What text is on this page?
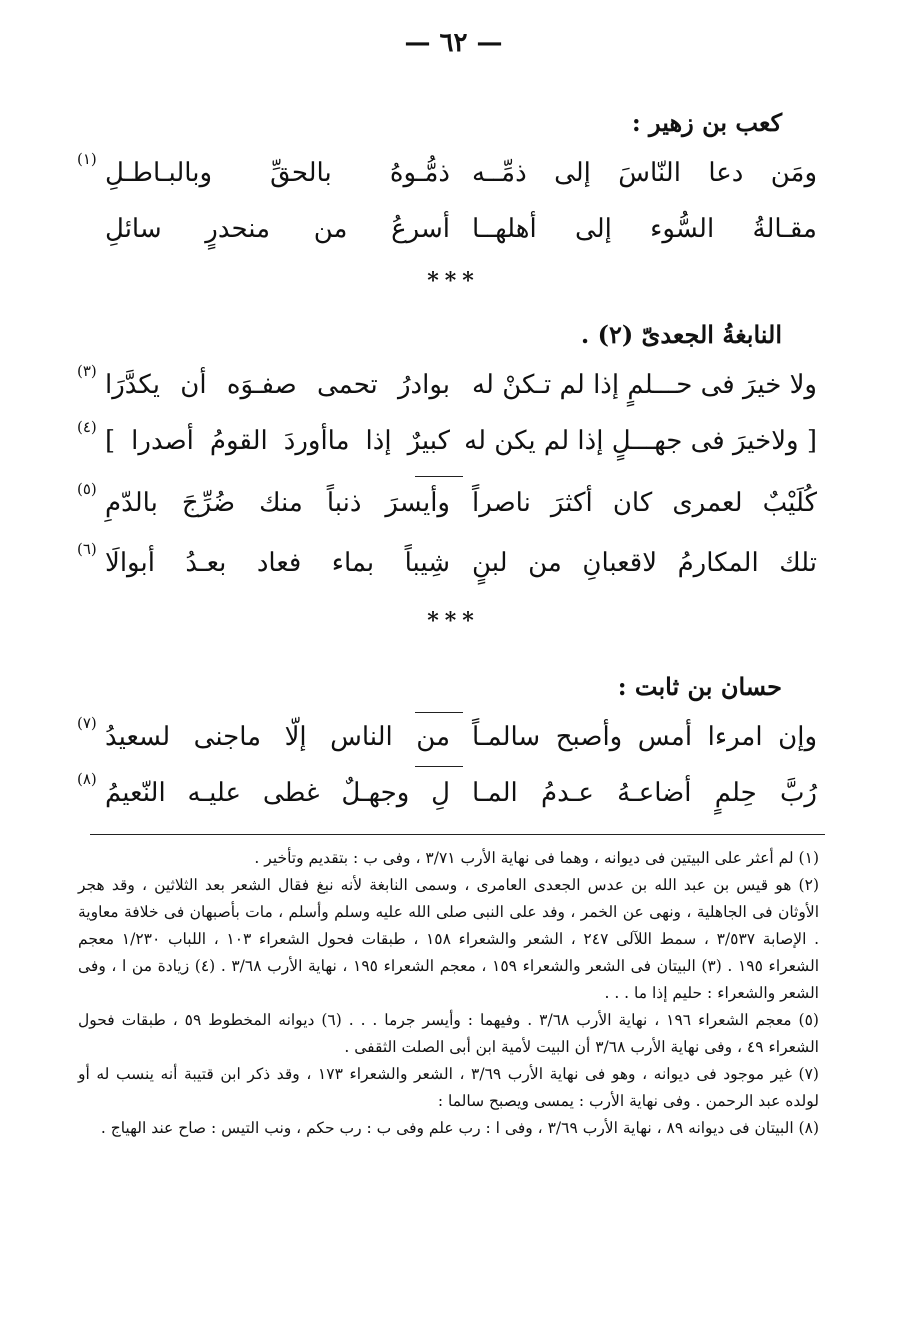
— ٦٢ —
كعب بن زهير :
ومَن دعا النّاسَ إلى ذمِّــه
ذمُّـوهُ بالحقِّ وبالبـاطـلِ
(١)
مقـالةُ السُّوء إلى أهلهــا
أسرعُ من منحدرٍ سائلِ
***
النابغةُ الجعدىّ (٢) .
ولا خيرَ فى حـــلمٍ إذا لم تـكنْ له
بوادرُ تحمى صفـوَه أن يكدَّرَا
(٣)
[ ولاخيرَ فى جهـــلٍ إذا لم يكن له
كبيرٌ إذا ماأوردَ القومُ أصدرا ]
(٤)
كُلَيْبٌ لعمرى كان أكثرَ ناصراً
وأيسرَ ذنباً منك ضُرِّجَ بالدّمِ
(٥)
تلك المكارمُ لاقعبانِ من لبنٍ
شِيباً بماء فعاد بعـدُ أبوالَا
(٦)
***
حسان بن ثابت :
وإن امرءا أمس وأصبح سالمـاً
من الناس إلّا ماجنى لسعيدُ
(٧)
رُبَّ حِلمٍ أضاعـهُ عـدمُ المـا
لِ وجهـلٌ غطى عليـه النّعيمُ
(٨)

(١) لم أعثر على البيتين فى ديوانه ، وهما فى نهاية الأرب ٣/٧١ ، وفى ب : بتقديم وتأخير .

(٢) هو قيس بن عبد الله بن عدس الجعدى العامرى ، وسمى النابغة لأنه نبغ فقال الشعر بعد الثلاثين ، وقد هجر الأوثان فى الجاهلية ، ونهى عن الخمر ، وفد على النبى صلى الله عليه وسلم وأسلم ، مات بأصبهان فى خلافة معاوية . الإصابة ٣/٥٣٧ ، سمط اللآلى ٢٤٧ ، الشعر والشعراء ١٥٨ ، طبقات فحول الشعراء ١٠٣ ، اللباب ١/٢٣٠ معجم الشعراء ١٩٥ . (٣) البيتان فى الشعر والشعراء ١٥٩ ، معجم الشعراء ١٩٥ ، نهاية الأرب ٣/٦٨ . (٤) زيادة من ا ، وفى الشعر والشعراء : حليم إذا ما . . .

(٥) معجم الشعراء ١٩٦ ، نهاية الأرب ٣/٦٨ . وفيهما : وأيسر جرما . . . (٦) ديوانه المخطوط ٥٩ ، طبقات فحول الشعراء ٤٩ ، وفى نهاية الأرب ٣/٦٨ أن البيت لأمية ابن أبى الصلت الثقفى .

(٧) غير موجود فى ديوانه ، وهو فى نهاية الأرب ٣/٦٩ ، الشعر والشعراء ١٧٣ ، وقد ذكر ابن قتيبة أنه ينسب له أو لولده عبد الرحمن . وفى نهاية الأرب : يمسى ويصبح سالما :

(٨) البيتان فى ديوانه ٨٩ ، نهاية الأرب ٣/٦٩ ، وفى ا : رب علم وفى ب : رب حكم ، ونب التيس : صاح عند الهياج .
